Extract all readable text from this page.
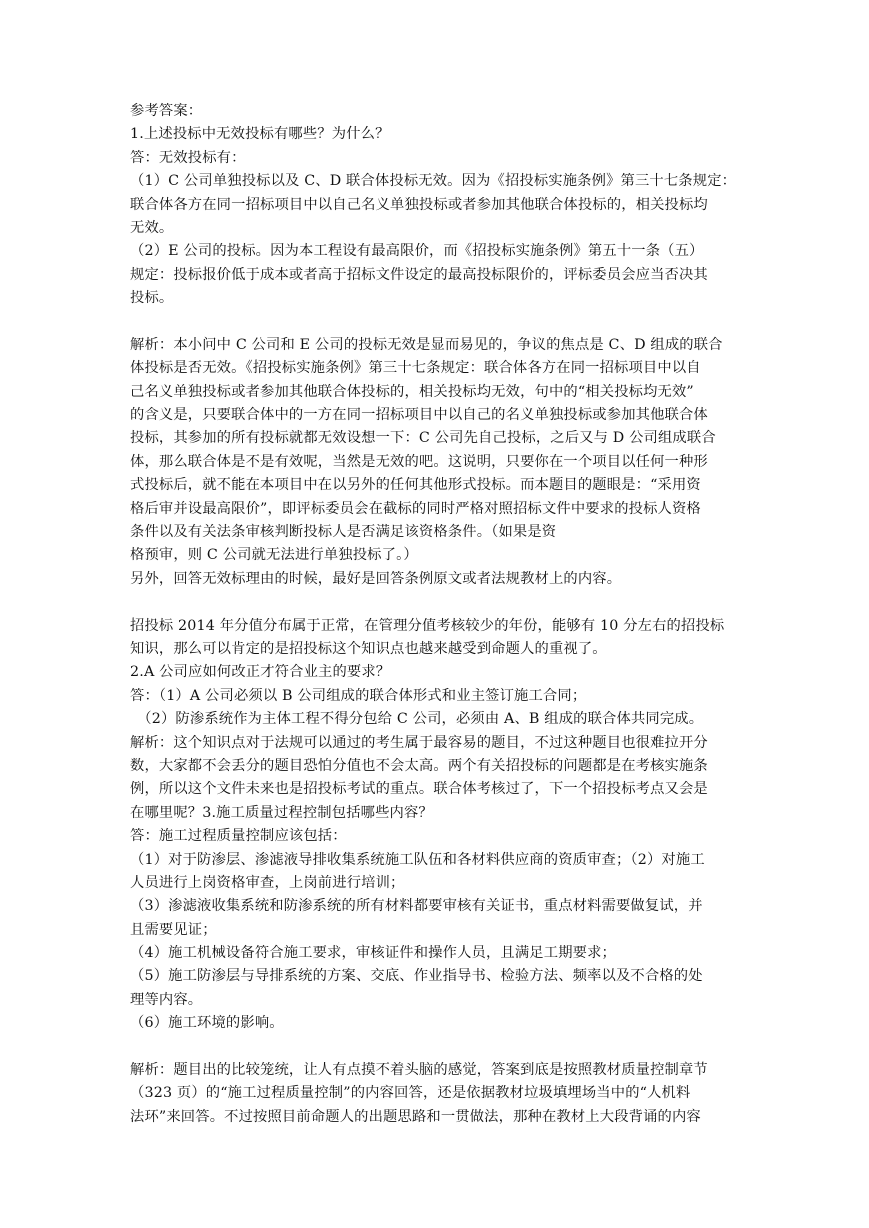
参考答案：
1.上述投标中无效投标有哪些？为什么？
答：无效投标有：
（1）C 公司单独投标以及 C、D 联合体投标无效。因为《招投标实施条例》第三十七条规定：
联合体各方在同一招标项目中以自己名义单独投标或者参加其他联合体投标的，相关投标均
无效。
（2）E 公司的投标。因为本工程设有最高限价，而《招投标实施条例》第五十一条（五）
规定：投标报价低于成本或者高于招标文件设定的最高投标限价的，评标委员会应当否决其
投标。
解析：本小问中 C 公司和 E 公司的投标无效是显而易见的，争议的焦点是 C、D 组成的联合
体投标是否无效。《招投标实施条例》第三十七条规定：联合体各方在同一招标项目中以自
己名义单独投标或者参加其他联合体投标的，相关投标均无效，句中的“相关投标均无效”
的含义是，只要联合体中的一方在同一招标项目中以自己的名义单独投标或参加其他联合体
投标，其参加的所有投标就都无效设想一下：C 公司先自己投标，之后又与 D 公司组成联合
体，那么联合体是不是有效呢，当然是无效的吧。这说明，只要你在一个项目以任何一种形
式投标后，就不能在本项目中在以另外的任何其他形式投标。而本题目的题眼是：“采用资
格后审并设最高限价”，即评标委员会在截标的同时严格对照招标文件中要求的投标人资格
条件以及有关法条审核判断投标人是否满足该资格条件。（如果是资
格预审，则 C 公司就无法进行单独投标了。）
另外，回答无效标理由的时候，最好是回答条例原文或者法规教材上的内容。
招投标 2014 年分值分布属于正常，在管理分值考核较少的年份，能够有 10 分左右的招投标
知识，那么可以肯定的是招投标这个知识点也越来越受到命题人的重视了。
2.A 公司应如何改正才符合业主的要求？
答：（1）A 公司必须以 B 公司组成的联合体形式和业主签订施工合同；
　（2）防渗系统作为主体工程不得分包给 C 公司，必须由 A、B 组成的联合体共同完成。
解析：这个知识点对于法规可以通过的考生属于最容易的题目，不过这种题目也很难拉开分
数，大家都不会丢分的题目恐怕分值也不会太高。两个有关招投标的问题都是在考核实施条
例，所以这个文件未来也是招投标考试的重点。联合体考核过了，下一个招投标考点又会是
在哪里呢？3.施工质量过程控制包括哪些内容？
答：施工过程质量控制应该包括：
（1）对于防渗层、渗滤液导排收集系统施工队伍和各材料供应商的资质审查；（2）对施工
人员进行上岗资格审查，上岗前进行培训；
（3）渗滤液收集系统和防渗系统的所有材料都要审核有关证书，重点材料需要做复试，并
且需要见证；
（4）施工机械设备符合施工要求，审核证件和操作人员，且满足工期要求；
（5）施工防渗层与导排系统的方案、交底、作业指导书、检验方法、频率以及不合格的处
理等内容。
（6）施工环境的影响。
解析：题目出的比较笼统，让人有点摸不着头脑的感觉，答案到底是按照教材质量控制章节
（323 页）的“施工过程质量控制”的内容回答，还是依据教材垃圾填埋场当中的“人机料
法环”来回答。不过按照目前命题人的出题思路和一贯做法，那种在教材上大段背诵的内容
